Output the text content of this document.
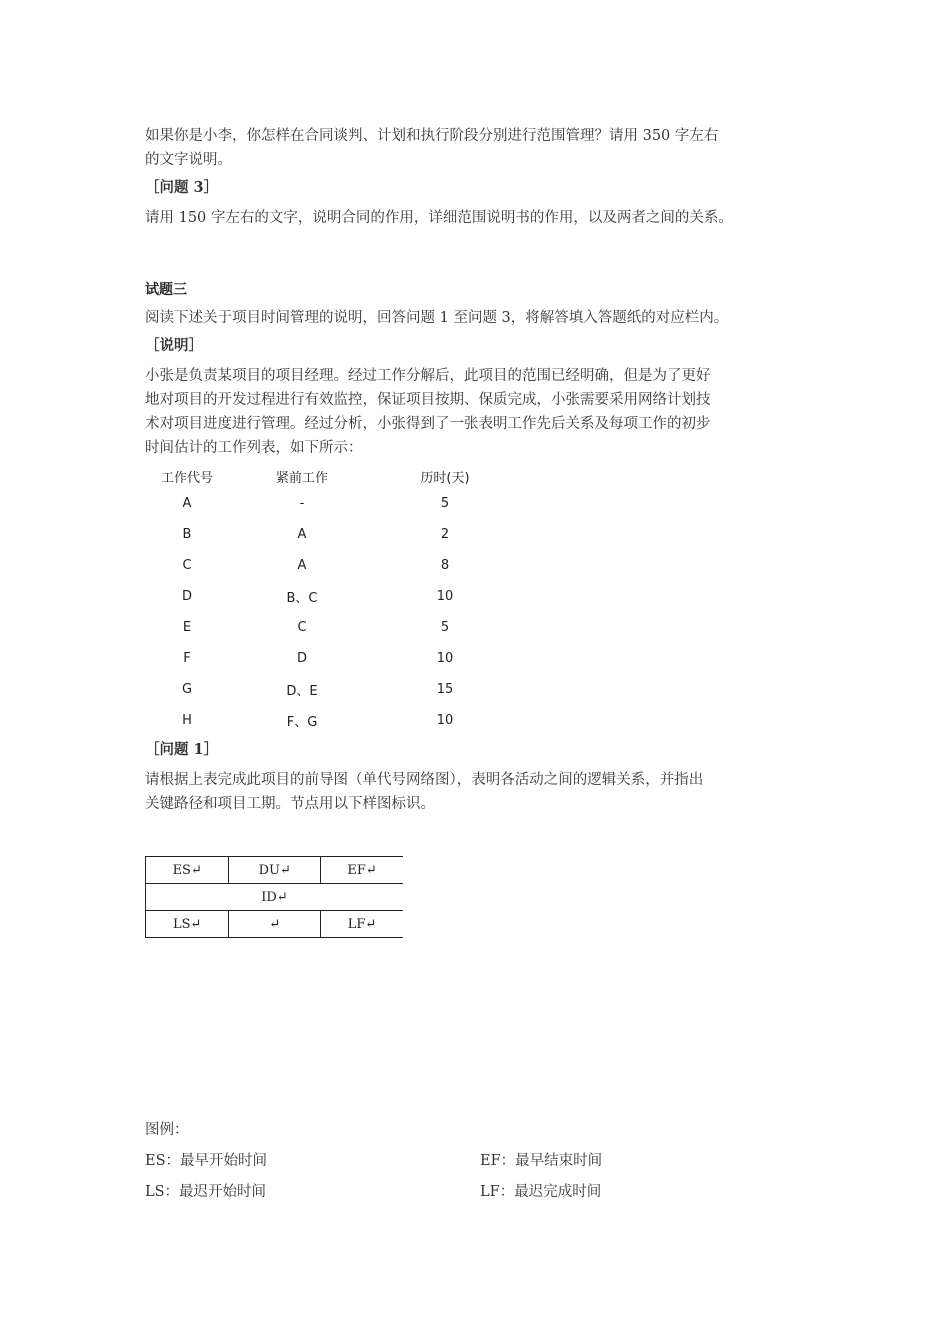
如果你是小李，你怎样在合同谈判、计划和执行阶段分别进行范围管理？请用 350 字左右
的文字说明。

［问题 3］

请用 150 字左右的文字，说明合同的作用，详细范围说明书的作用，以及两者之间的关系。

试题三

阅读下述关于项目时间管理的说明，回答问题 1 至问题 3，将解答填入答题纸的对应栏内。

［说明］

小张是负责某项目的项目经理。经过工作分解后，此项目的范围已经明确，但是为了更好
地对项目的开发过程进行有效监控，保证项目按期、保质完成，小张需要采用网络计划技
术对项目进度进行管理。经过分析，小张得到了一张表明工作先后关系及每项工作的初步
时间估计的工作列表，如下所示：

工作代号	紧前工作	历时(天)
A	-	5
B	A	2
C	A	8
D	B、C	10
E	C	5
F	D	10
G	D、E	15
H	F、G	10

［问题 1］

请根据上表完成此项目的前导图（单代号网络图），表明各活动之间的逻辑关系，并指出
关键路径和项目工期。节点用以下样图标识。

ES↵	DU↵	EF↵
ID↵		
LS↵	↵	LF↵
图例：
ES：最早开始时间	EF：最早结束时间
LS：最迟开始时间	LF：最迟完成时间
